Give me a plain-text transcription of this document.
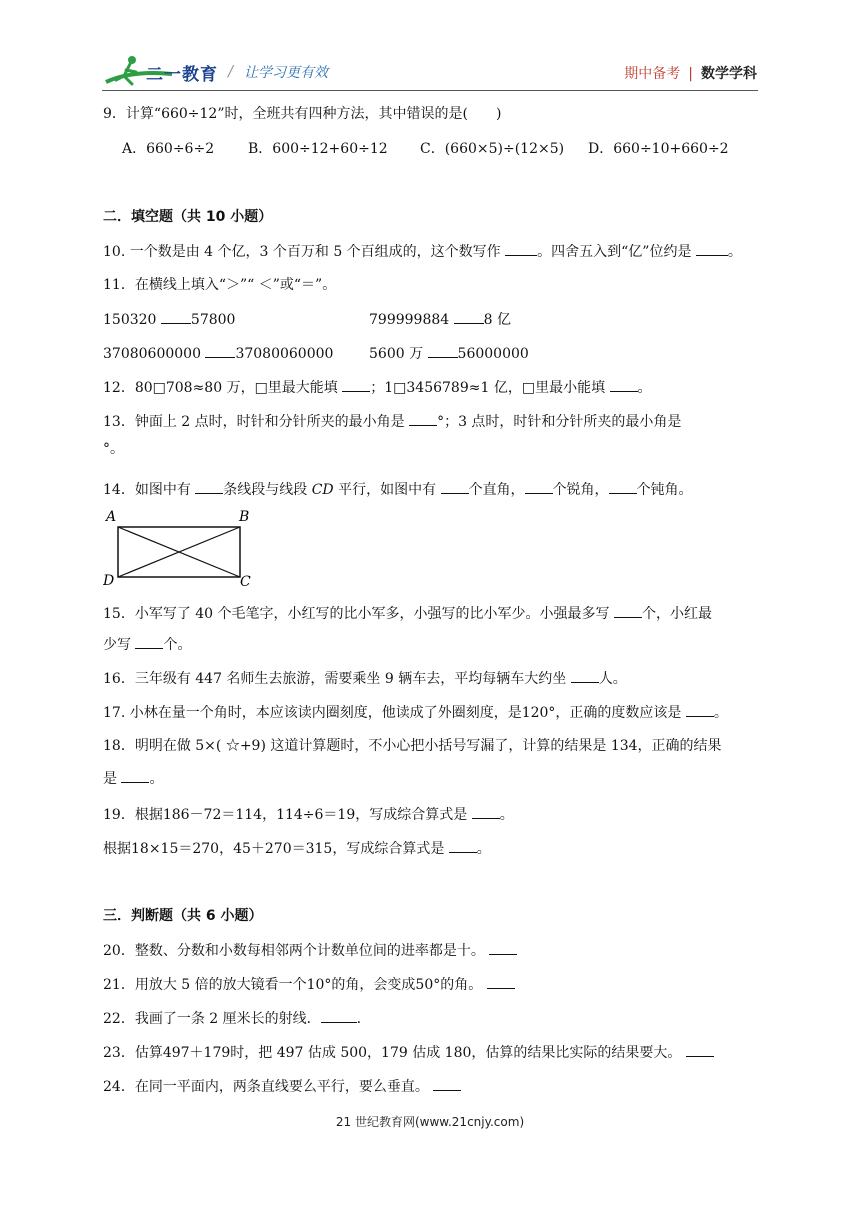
二一教育 / 让学习更有效	期中备考 | 数学学科
9．计算“660÷12”时，全班共有四种方法，其中错误的是(　　)
A．660÷6÷2 B．600÷12+60÷12 C．(660×5)÷(12×5) D．660÷10+660÷2
二．填空题（共 10 小题）
10. 一个数是由 4 个亿，3 个百万和 5 个百组成的，这个数写作 。四舍五入到“亿”位约是 。
11．在横线上填入“＞”“ ＜”或“＝”。
150320 57800	799999884 8 亿
37080600000 37080060000	5600 万 56000000
12．80□708≈80 万，□里最大能填 ；1□3456789≈1 亿，□里最小能填 。
13．钟面上 2 点时，时针和分针所夹的最小角是 °；3 点时，时针和分针所夹的最小角是
°。
14．如图中有 条线段与线段 CD 平行，如图中有 个直角， 个锐角， 个钝角。
A	B
C
D
15．小军写了 40 个毛笔字，小红写的比小军多，小强写的比小军少。小强最多写 个，小红最
少写 个。
16．三年级有 447 名师生去旅游，需要乘坐 9 辆车去，平均每辆车大约坐 人。
17. 小林在量一个角时，本应该读内圈刻度，他读成了外圈刻度，是120°，正确的度数应该是 。
18．明明在做 5×( ☆+9) 这道计算题时，不小心把小括号写漏了，计算的结果是 134，正确的结果
是 。
19．根据186－72＝114，114÷6＝19，写成综合算式是 。
根据18×15＝270，45＋270＝315，写成综合算式是 。
三．判断题（共 6 小题）
20．整数、分数和小数每相邻两个计数单位间的进率都是十。
21．用放大 5 倍的放大镜看一个10°的角，会变成50°的角。
22．我画了一条 2 厘米长的射线．	.
23．估算497＋179时，把 497 估成 500，179 估成 180，估算的结果比实际的结果要大。
24．在同一平面内，两条直线要么平行，要么垂直。
21 世纪教育网(www.21cnjy.com)
